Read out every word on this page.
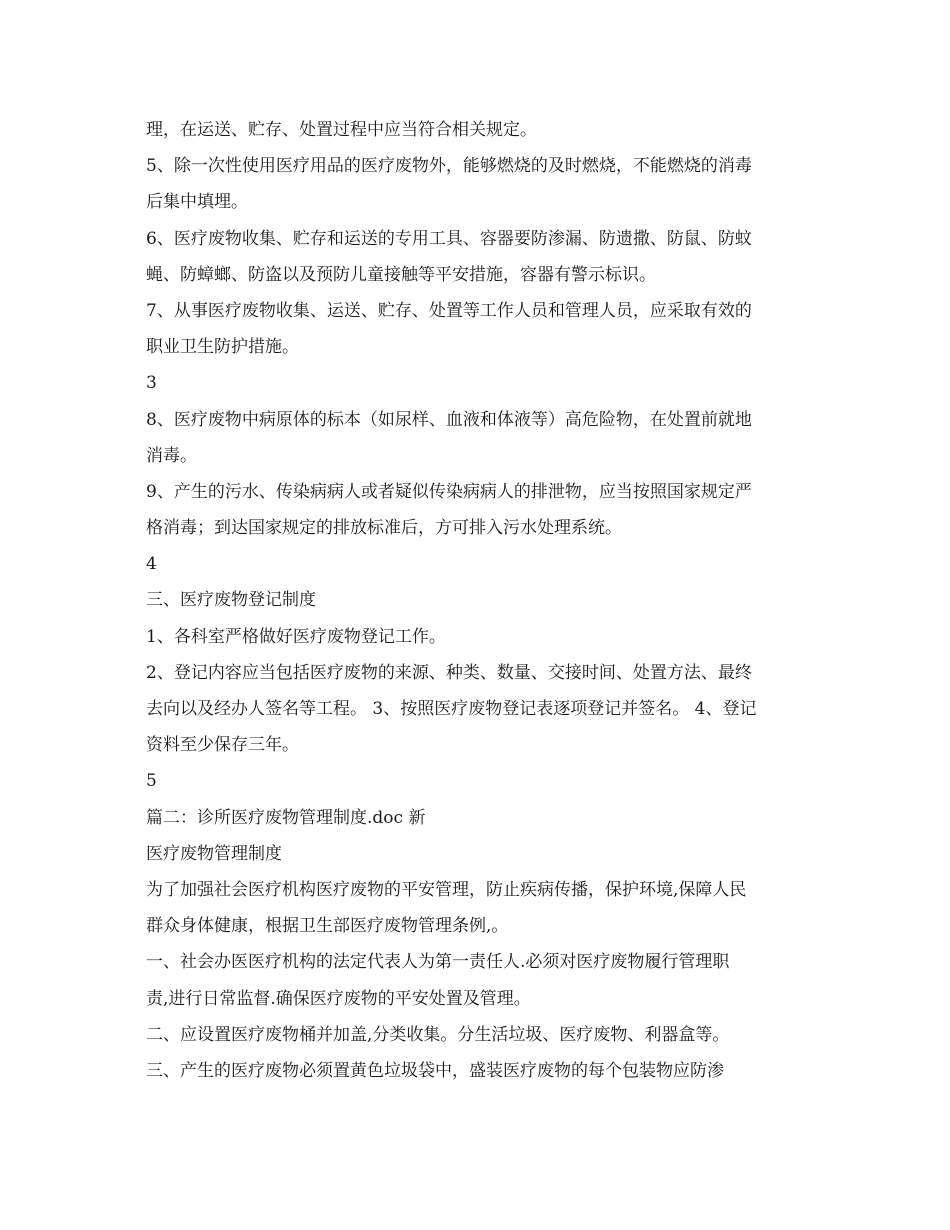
理，在运送、贮存、处置过程中应当符合相关规定。
5、除一次性使用医疗用品的医疗废物外，能够燃烧的及时燃烧，不能燃烧的消毒
后集中填埋。
6、医疗废物收集、贮存和运送的专用工具、容器要防渗漏、防遗撒、防鼠、防蚊
蝇、防蟑螂、防盗以及预防儿童接触等平安措施，容器有警示标识。
7、从事医疗废物收集、运送、贮存、处置等工作人员和管理人员，应采取有效的
职业卫生防护措施。
3
8、医疗废物中病原体的标本（如尿样、血液和体液等）高危险物，在处置前就地
消毒。
9、产生的污水、传染病病人或者疑似传染病病人的排泄物，应当按照国家规定严
格消毒；到达国家规定的排放标准后，方可排入污水处理系统。
4
三、医疗废物登记制度
1、各科室严格做好医疗废物登记工作。
2、登记内容应当包括医疗废物的来源、种类、数量、交接时间、处置方法、最终
去向以及经办人签名等工程。 3、按照医疗废物登记表逐项登记并签名。 4、登记
资料至少保存三年。
5
篇二：诊所医疗废物管理制度.doc 新
医疗废物管理制度
为了加强社会医疗机构医疗废物的平安管理，防止疾病传播，保护环境,保障人民
群众身体健康，根据卫生部医疗废物管理条例,。
一、社会办医医疗机构的法定代表人为第一责任人.必须对医疗废物履行管理职
责,进行日常监督.确保医疗废物的平安处置及管理。
二、应设置医疗废物桶并加盖,分类收集。分生活垃圾、医疗废物、利器盒等。
三、产生的医疗废物必须置黄色垃圾袋中，盛装医疗废物的每个包装物应防渗
